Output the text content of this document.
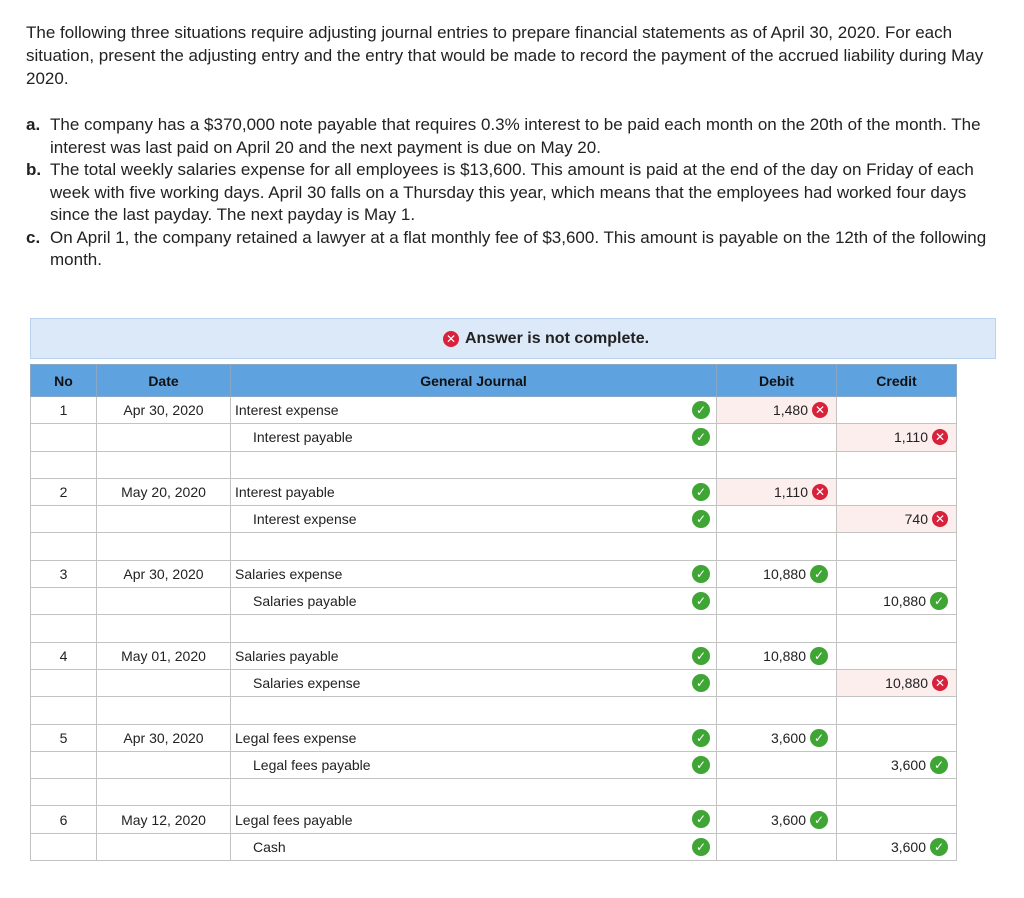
The following three situations require adjusting journal entries to prepare financial statements as of April 30, 2020. For each situation, present the adjusting entry and the entry that would be made to record the payment of the accrued liability during May 2020.
a. The company has a $370,000 note payable that requires 0.3% interest to be paid each month on the 20th of the month. The interest was last paid on April 20 and the next payment is due on May 20.
b. The total weekly salaries expense for all employees is $13,600. This amount is paid at the end of the day on Friday of each week with five working days. April 30 falls on a Thursday this year, which means that the employees had worked four days since the last payday. The next payday is May 1.
c. On April 1, the company retained a lawyer at a flat monthly fee of $3,600. This amount is payable on the 12th of the following month.
✕ Answer is not complete.
No	Date	General Journal	Debit	Credit
1	Apr 30, 2020	Interest expense ✓	1,480 ✕	

		Interest payable ✓		1,110 ✕

2	May 20, 2020	Interest payable ✓	1,110 ✕	

		Interest expense ✓		740 ✕

3	Apr 30, 2020	Salaries expense ✓	10,880 ✓	

		Salaries payable ✓		10,880 ✓

4	May 01, 2020	Salaries payable ✓	10,880 ✓	

		Salaries expense ✓		10,880 ✕

5	Apr 30, 2020	Legal fees expense ✓	3,600 ✓	

		Legal fees payable ✓		3,600 ✓

6	May 12, 2020	Legal fees payable ✓	3,600 ✓	

		Cash ✓		3,600 ✓
